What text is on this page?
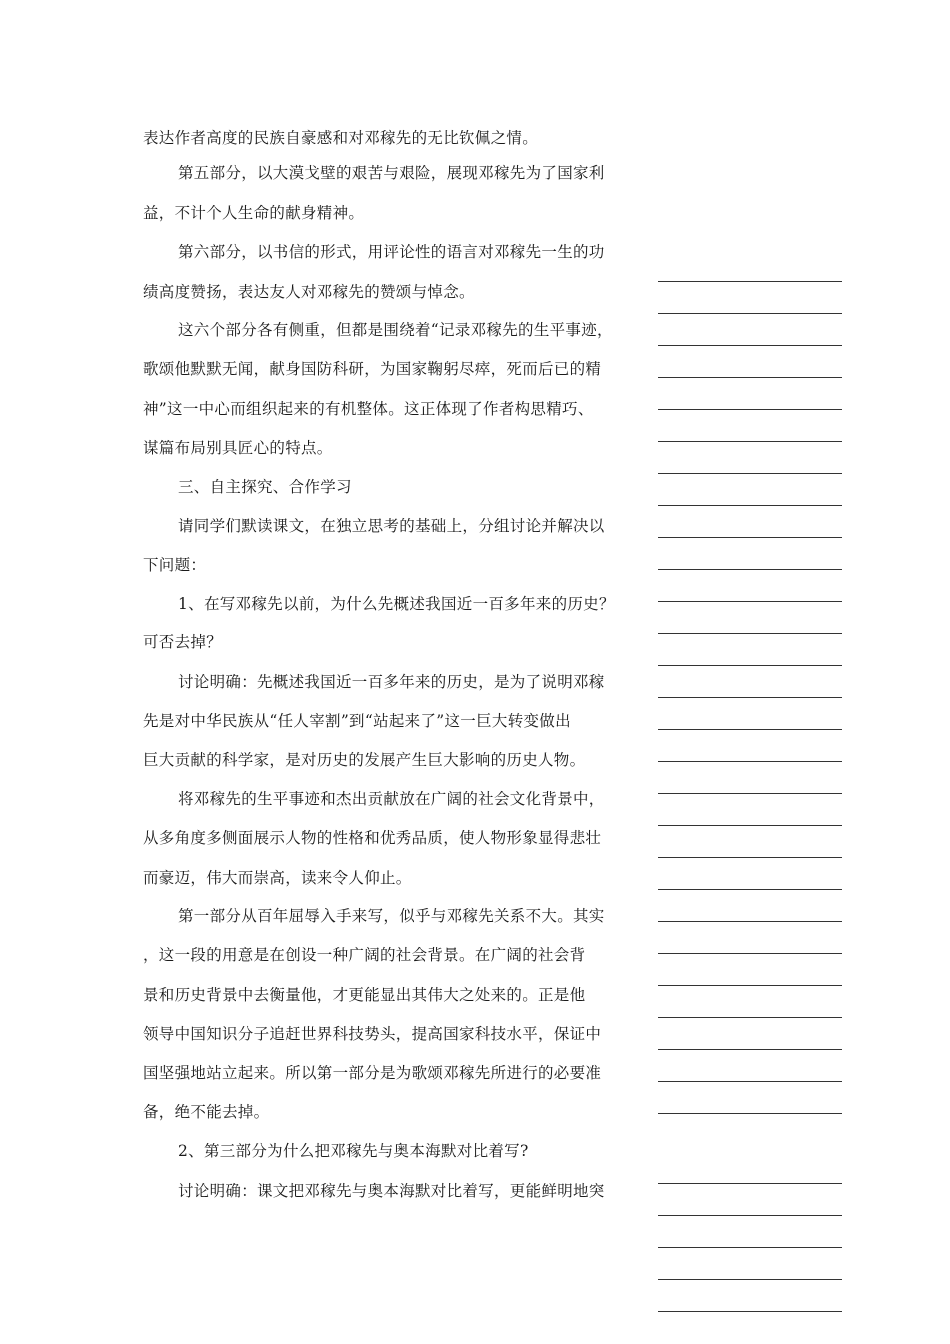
表达作者高度的民族自豪感和对邓稼先的无比钦佩之情。
第五部分，以大漠戈壁的艰苦与艰险，展现邓稼先为了国家利
益，不计个人生命的献身精神。
第六部分，以书信的形式，用评论性的语言对邓稼先一生的功
绩高度赞扬，表达友人对邓稼先的赞颂与悼念。
这六个部分各有侧重，但都是围绕着“记录邓稼先的生平事迹，
歌颂他默默无闻，献身国防科研，为国家鞠躬尽瘁，死而后已的精
神”这一中心而组织起来的有机整体。这正体现了作者构思精巧、
谋篇布局别具匠心的特点。
三、自主探究、合作学习
请同学们默读课文，在独立思考的基础上，分组讨论并解决以
下问题：
1、在写邓稼先以前，为什么先概述我国近一百多年来的历史？
可否去掉？
讨论明确：先概述我国近一百多年来的历史，是为了说明邓稼
先是对中华民族从“任人宰割”到“站起来了”这一巨大转变做出
巨大贡献的科学家，是对历史的发展产生巨大影响的历史人物。
将邓稼先的生平事迹和杰出贡献放在广阔的社会文化背景中，
从多角度多侧面展示人物的性格和优秀品质，使人物形象显得悲壮
而豪迈，伟大而崇高，读来令人仰止。
第一部分从百年屈辱入手来写，似乎与邓稼先关系不大。其实
，这一段的用意是在创设一种广阔的社会背景。在广阔的社会背
景和历史背景中去衡量他，才更能显出其伟大之处来的。正是他
领导中国知识分子追赶世界科技势头，提高国家科技水平，保证中
国坚强地站立起来。所以第一部分是为歌颂邓稼先所进行的必要准
备，绝不能去掉。
2、第三部分为什么把邓稼先与奥本海默对比着写?
讨论明确：课文把邓稼先与奥本海默对比着写，更能鲜明地突
